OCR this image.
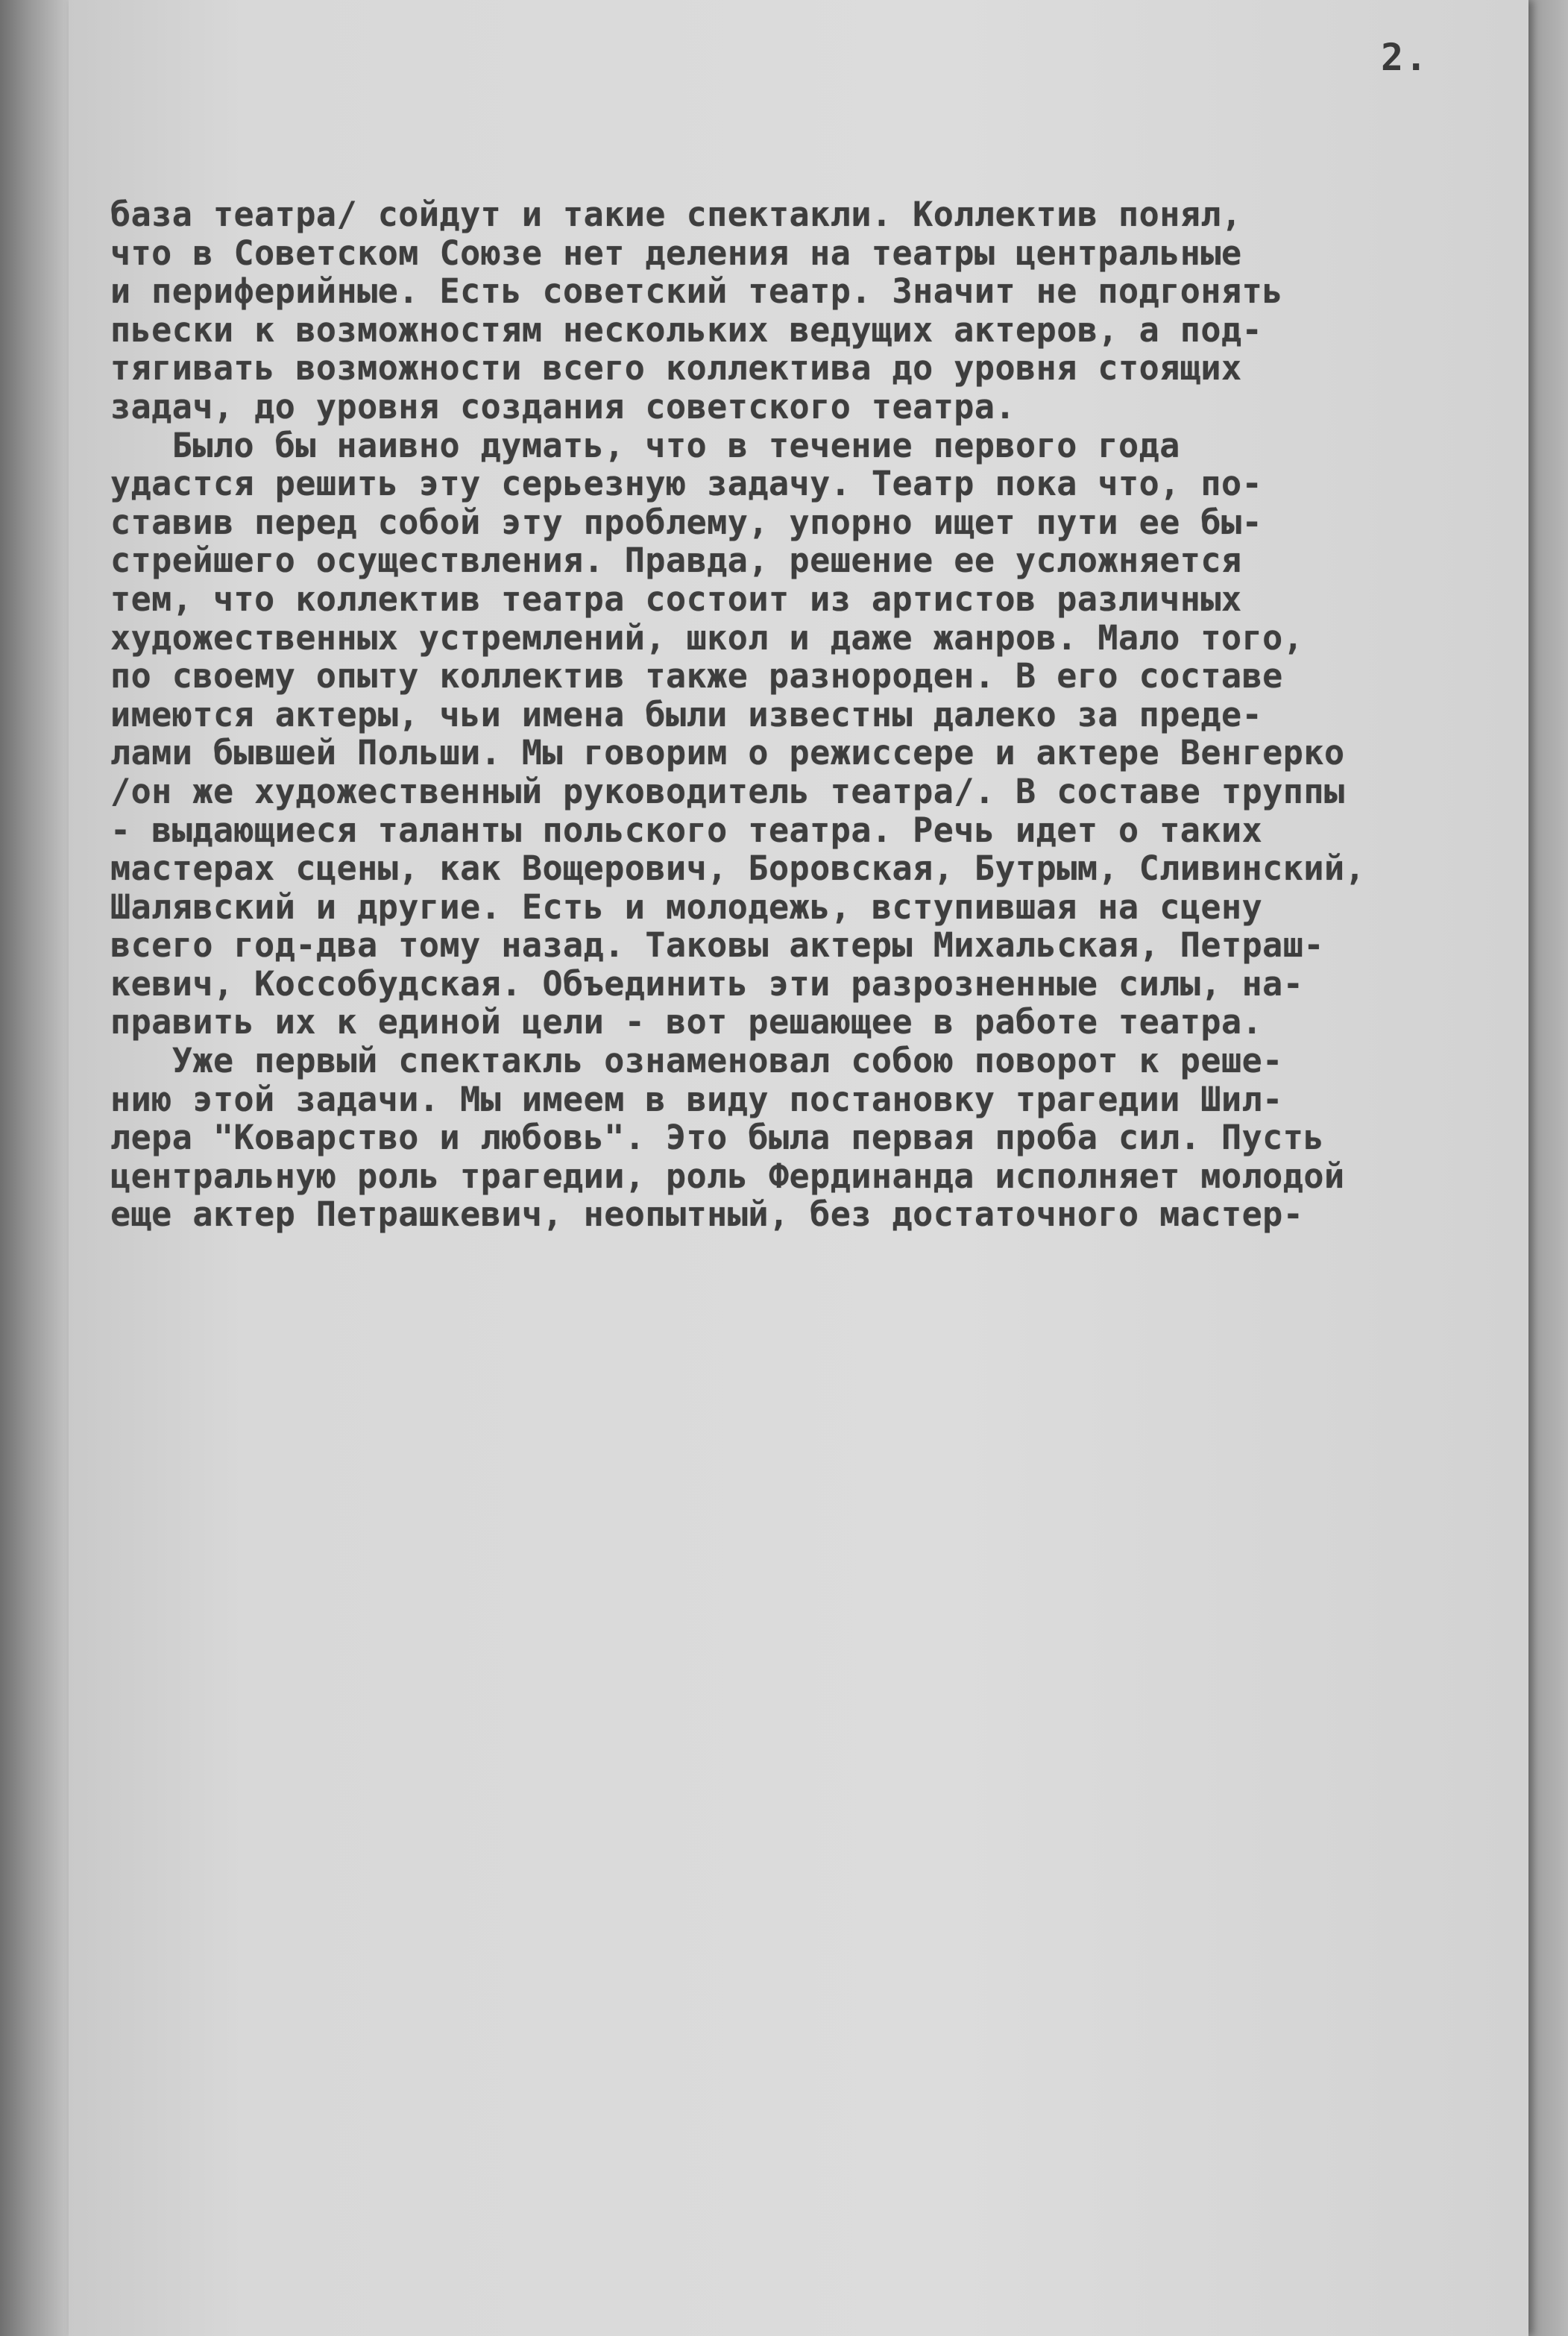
2.
база театра/ сойдут и такие спектакли. Коллектив понял,
что в Советском Союзе нет деления на театры центральные
и периферийные. Есть советский театр. Значит не подгонять
пьески к возможностям нескольких ведущих актеров, а под-
тягивать возможности всего коллектива до уровня стоящих
задач, до уровня создания советского театра.
Было бы наивно думать, что в течение первого года
удастся решить эту серьезную задачу. Театр пока что, по-
ставив перед собой эту проблему, упорно ищет пути ее бы-
стрейшего осуществления. Правда, решение ее усложняется
тем, что коллектив театра состоит из артистов различных
художественных устремлений, школ и даже жанров. Мало того,
по своему опыту коллектив также разнороден. В его составе
имеются актеры, чьи имена были известны далеко за преде-
лами бывшей Польши. Мы говорим о режиссере и актере Венгерко
/он же художественный руководитель театра/. В составе труппы
- выдающиеся таланты польского театра. Речь идет о таких
мастерах сцены, как Вощерович, Боровская, Бутрым, Сливинский,
Шалявский и другие. Есть и молодежь, вступившая на сцену
всего год-два тому назад. Таковы актеры Михальская, Петраш-
кевич, Коссобудская. Объединить эти разрозненные силы, на-
править их к единой цели - вот решающее в работе театра.
Уже первый спектакль ознаменовал собою поворот к реше-
нию этой задачи. Мы имеем в виду постановку трагедии Шил-
лера "Коварство и любовь". Это была первая проба сил. Пусть
центральную роль трагедии, роль Фердинанда исполняет молодой
еще актер Петрашкевич, неопытный, без достаточного мастер-
